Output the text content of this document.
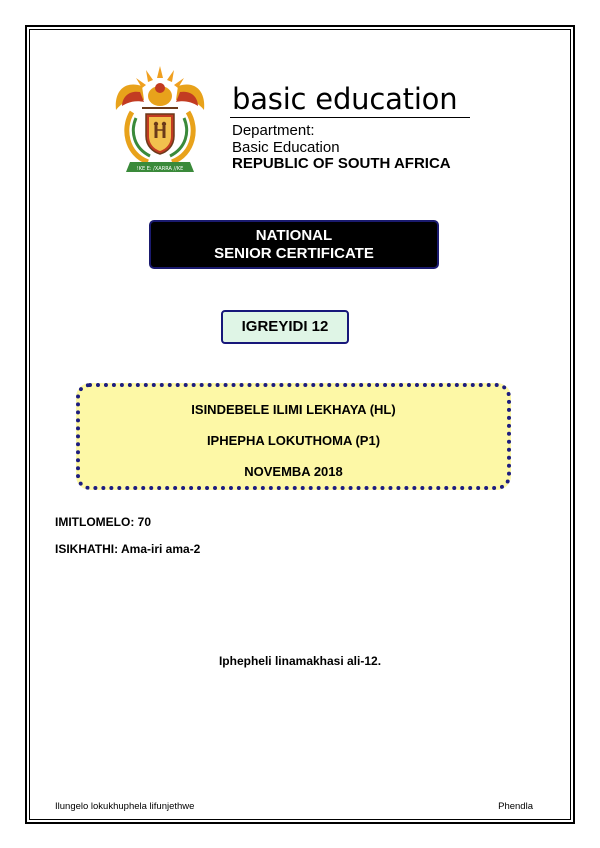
!KE E: /XARRA //KE
basic education
Department:
Basic Education
REPUBLIC OF SOUTH AFRICA
NATIONAL
SENIOR CERTIFICATE
IGREYIDI 12
ISINDEBELE ILIMI LEKHAYA (HL)
IPHEPHA LOKUTHOMA (P1)
NOVEMBA 2018
IMITLOMELO: 70
ISIKHATHI: Ama-iri ama-2
Iphepheli linamakhasi ali-12.
Ilungelo lokukhuphela lifunjethwe	Phendla
